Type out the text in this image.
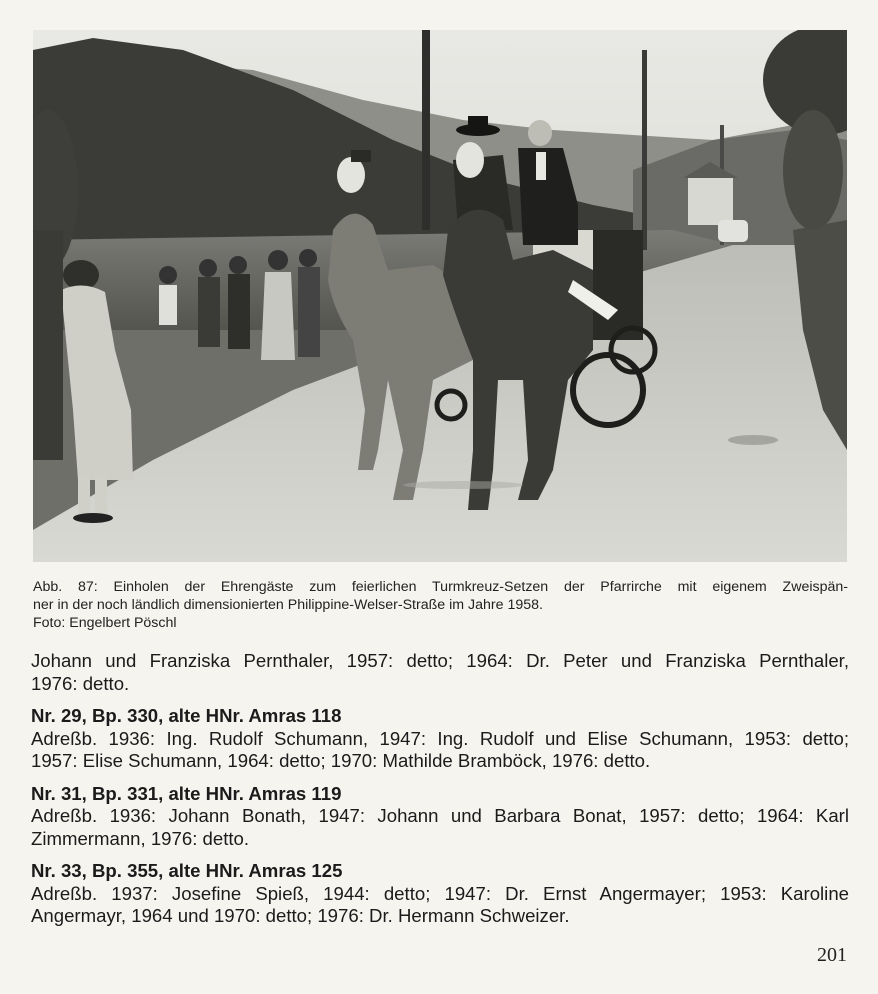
Abb. 87: Einholen der Ehrengäste zum feierlichen Turmkreuz-Setzen der Pfarrirche mit eigenem Zweispän-
ner in der noch ländlich dimensionierten Philippine-Welser-Straße im Jahre 1958.
Foto: Engelbert Pöschl
Johann und Franziska Pernthaler, 1957: detto; 1964: Dr. Peter und Franziska Pernthaler,
1976: detto.
Nr. 29, Bp. 330, alte HNr. Amras 118
Adreßb. 1936: Ing. Rudolf Schumann, 1947: Ing. Rudolf und Elise Schumann, 1953: detto;
1957: Elise Schumann, 1964: detto; 1970: Mathilde Bramböck, 1976: detto.
Nr. 31, Bp. 331, alte HNr. Amras 119
Adreßb. 1936: Johann Bonath, 1947: Johann und Barbara Bonat, 1957: detto; 1964: Karl
Zimmermann, 1976: detto.
Nr. 33, Bp. 355, alte HNr. Amras 125
Adreßb. 1937: Josefine Spieß, 1944: detto; 1947: Dr. Ernst Angermayer; 1953: Karoline
Angermayr, 1964 und 1970: detto; 1976: Dr. Hermann Schweizer.
201
